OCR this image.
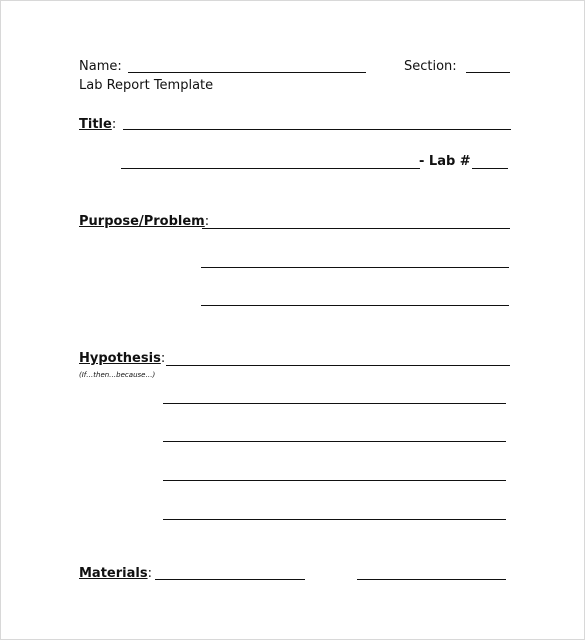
Name:	Section:
Lab Report Template
Title:
- Lab #
Purpose/Problem:
Hypothesis:
(If…then…because…)
Materials:
